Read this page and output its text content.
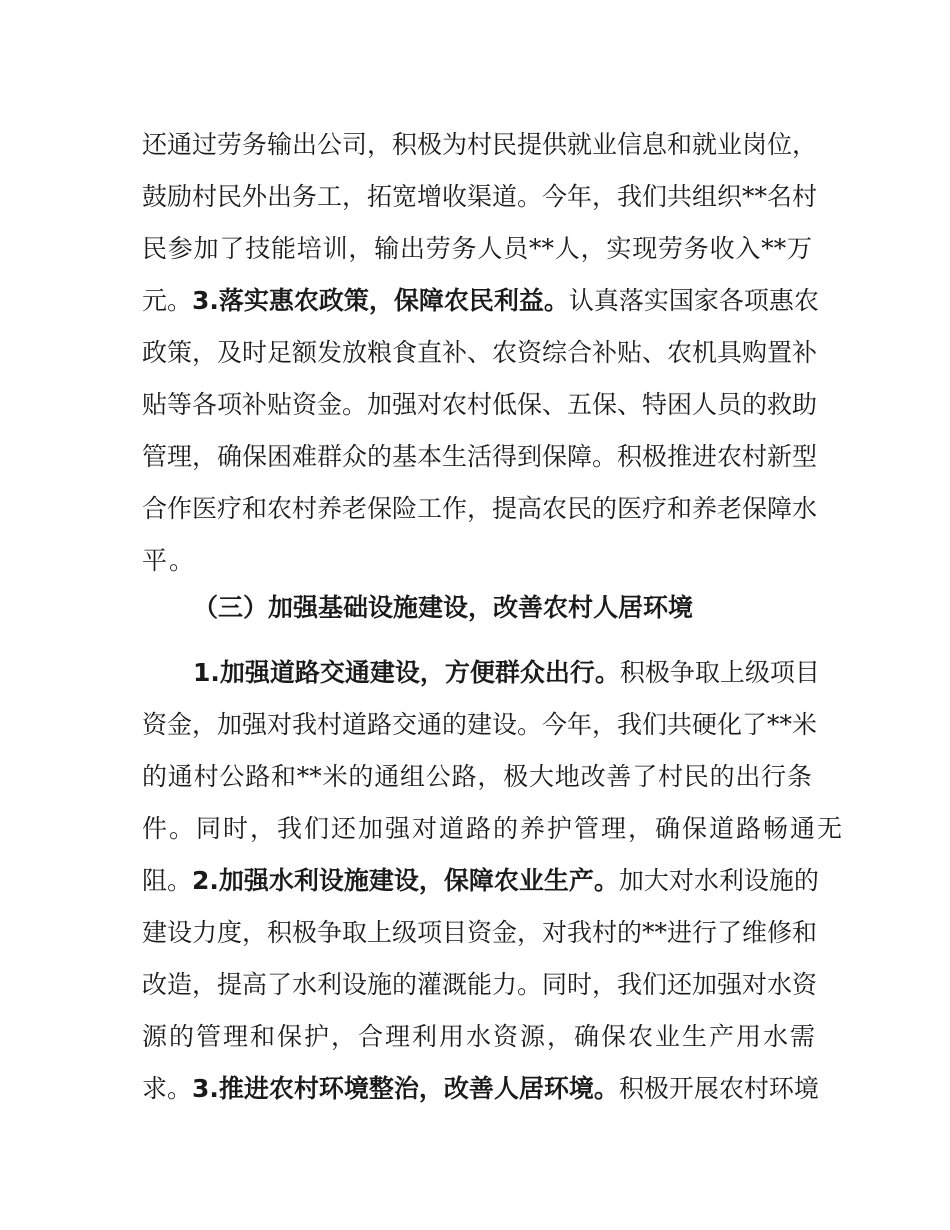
还通过劳务输出公司，积极为村民提供就业信息和就业岗位，
鼓励村民外出务工，拓宽增收渠道。今年，我们共组织**名村
民参加了技能培训，输出劳务人员**人，实现劳务收入**万
元。3.落实惠农政策，保障农民利益。认真落实国家各项惠农
政策，及时足额发放粮食直补、农资综合补贴、农机具购置补
贴等各项补贴资金。加强对农村低保、五保、特困人员的救助
管理，确保困难群众的基本生活得到保障。积极推进农村新型
合作医疗和农村养老保险工作，提高农民的医疗和养老保障水
平。
（三）加强基础设施建设，改善农村人居环境
1.加强道路交通建设，方便群众出行。积极争取上级项目
资金，加强对我村道路交通的建设。今年，我们共硬化了**米
的通村公路和**米的通组公路，极大地改善了村民的出行条
件。同时，我们还加强对道路的养护管理，确保道路畅通无
阻。2.加强水利设施建设，保障农业生产。加大对水利设施的
建设力度，积极争取上级项目资金，对我村的**进行了维修和
改造，提高了水利设施的灌溉能力。同时，我们还加强对水资
源的管理和保护，合理利用水资源，确保农业生产用水需
求。3.推进农村环境整治，改善人居环境。积极开展农村环境
